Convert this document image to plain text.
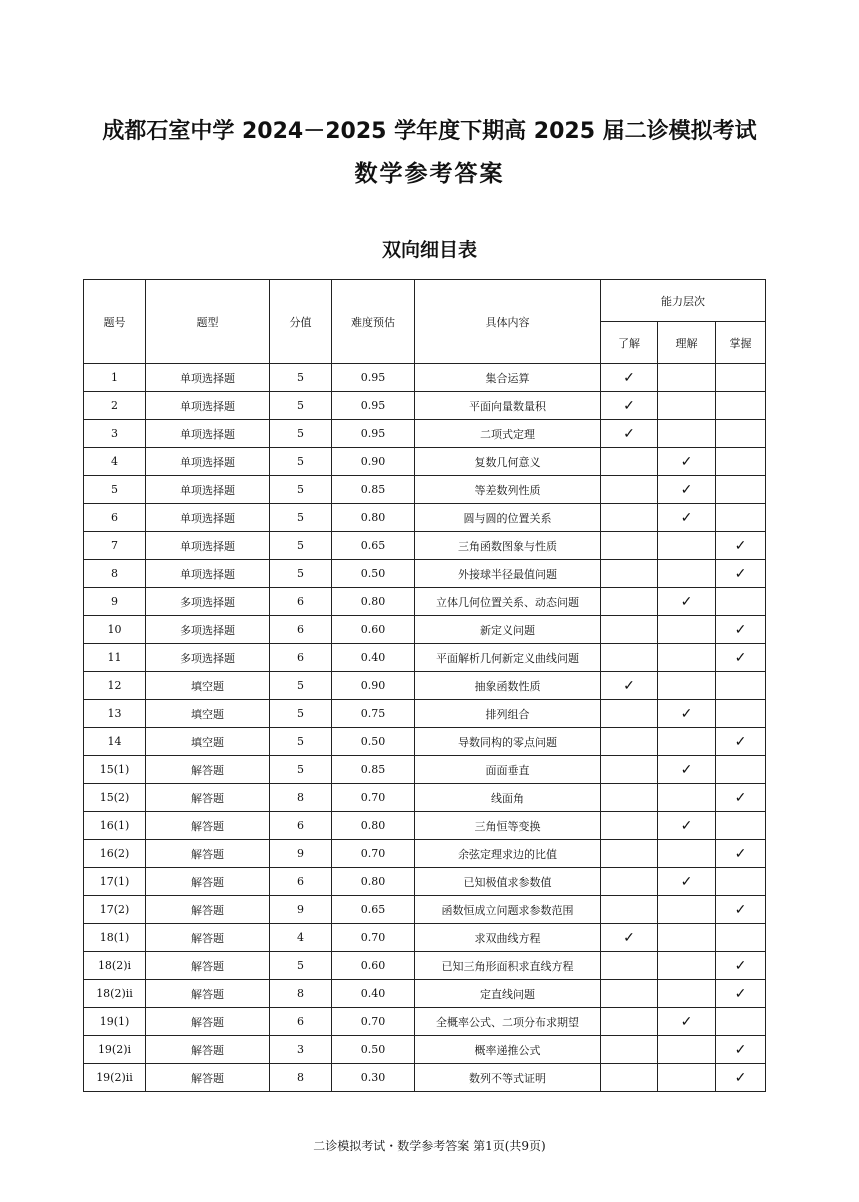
成都石室中学 2024－2025 学年度下期高 2025 届二诊模拟考试
数学参考答案
双向细目表
题号	题型	分值	难度预估	具体内容	能力层次		
					了解	理解	掌握
1	单项选择题	5	0.95	集合运算	✓		
2	单项选择题	5	0.95	平面向量数量积	✓		
3	单项选择题	5	0.95	二项式定理	✓		
4	单项选择题	5	0.90	复数几何意义		✓	
5	单项选择题	5	0.85	等差数列性质		✓	
6	单项选择题	5	0.80	圆与圆的位置关系		✓	
7	单项选择题	5	0.65	三角函数图象与性质			✓
8	单项选择题	5	0.50	外接球半径最值问题			✓
9	多项选择题	6	0.80	立体几何位置关系、动态问题		✓	
10	多项选择题	6	0.60	新定义问题			✓
11	多项选择题	6	0.40	平面解析几何新定义曲线问题			✓
12	填空题	5	0.90	抽象函数性质	✓		
13	填空题	5	0.75	排列组合		✓	
14	填空题	5	0.50	导数同构的零点问题			✓
15(1)	解答题	5	0.85	面面垂直		✓	
15(2)	解答题	8	0.70	线面角			✓
16(1)	解答题	6	0.80	三角恒等变换		✓	
16(2)	解答题	9	0.70	余弦定理求边的比值			✓
17(1)	解答题	6	0.80	已知极值求参数值		✓	
17(2)	解答题	9	0.65	函数恒成立问题求参数范围			✓
18(1)	解答题	4	0.70	求双曲线方程	✓		
18(2)ⅰ	解答题	5	0.60	已知三角形面积求直线方程			✓
18(2)ⅱ	解答题	8	0.40	定直线问题			✓
19(1)	解答题	6	0.70	全概率公式、二项分布求期望		✓	
19(2)ⅰ	解答题	3	0.50	概率递推公式			✓
19(2)ⅱ	解答题	8	0.30	数列不等式证明			✓
二诊模拟考试・数学参考答案 第1页(共9页)
